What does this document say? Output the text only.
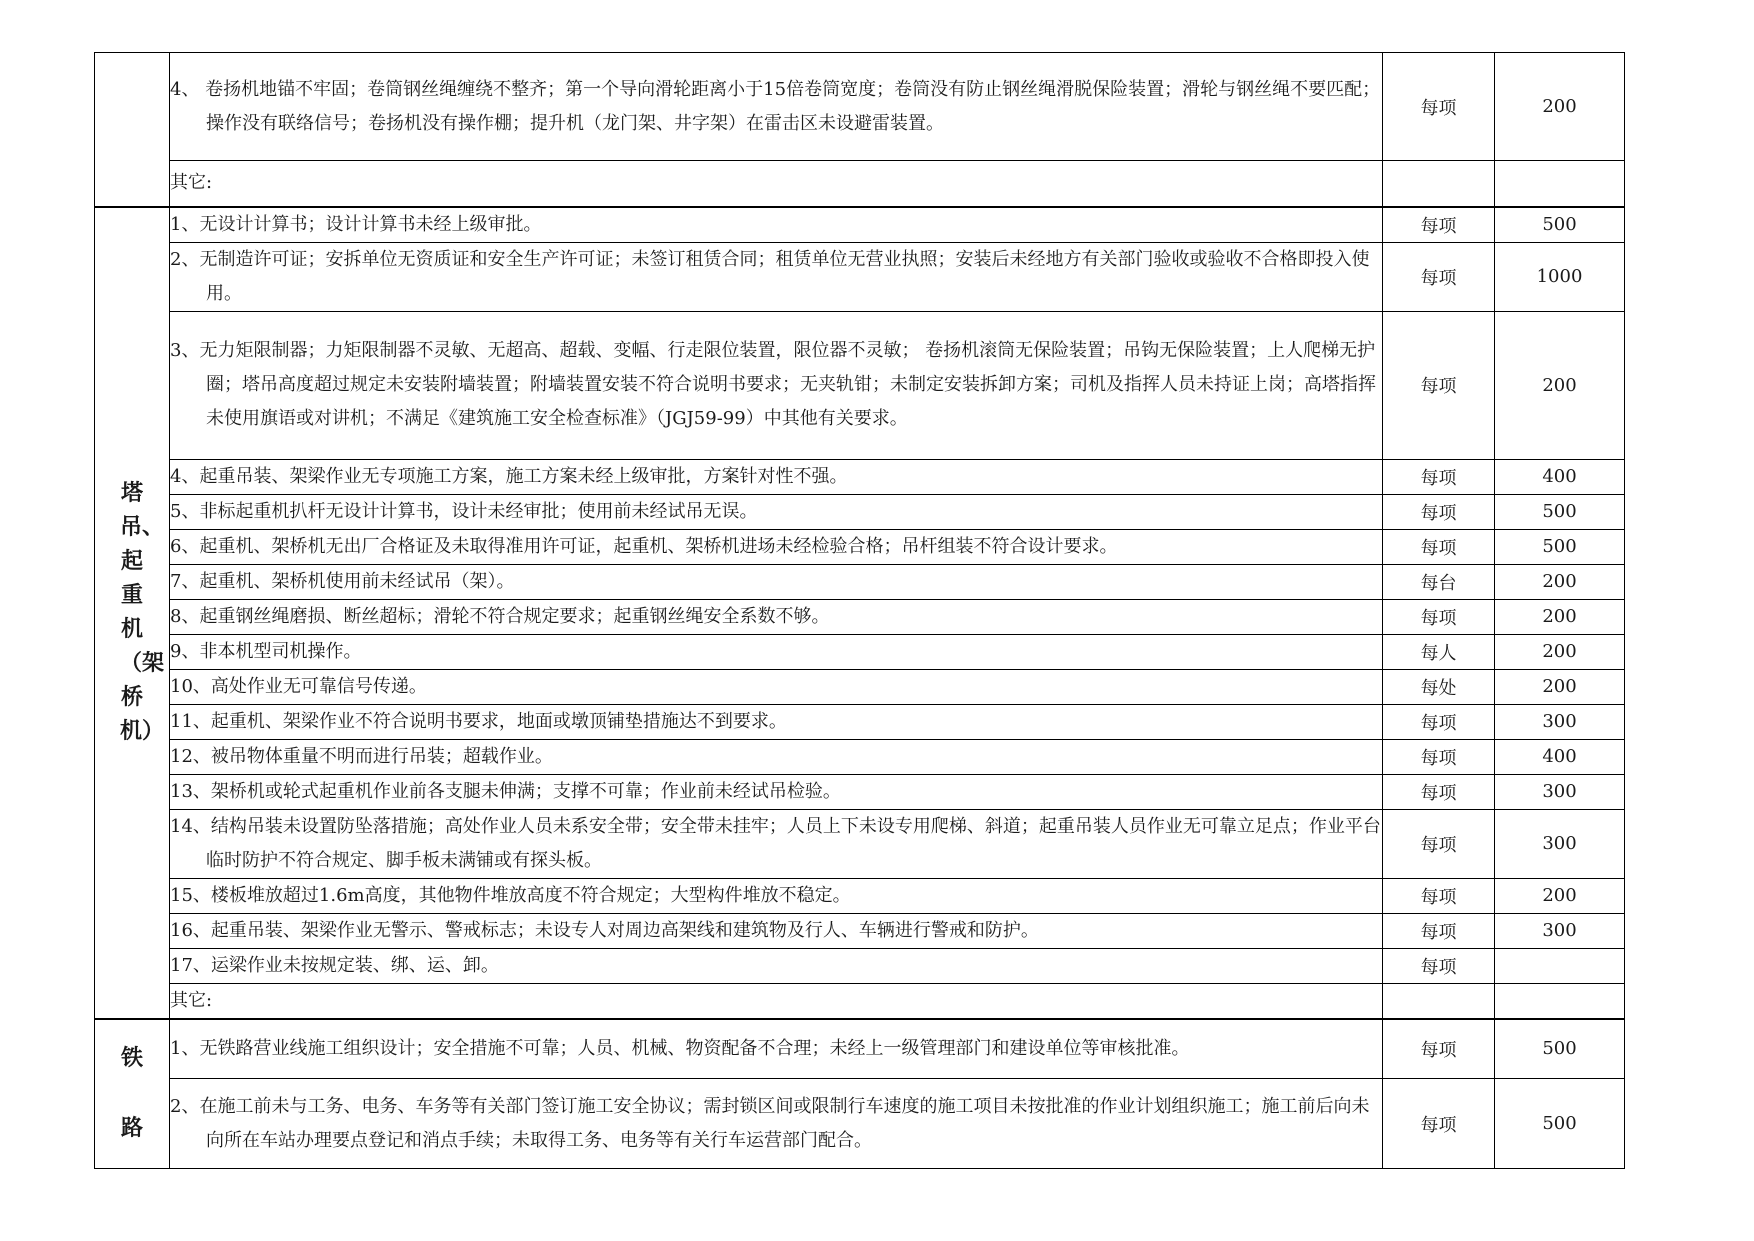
	4、 卷扬机地锚不牢固；卷筒钢丝绳缠绕不整齐；第一个导向滑轮距离小于15倍卷筒宽度；卷筒没有防止钢丝绳滑脱保险装置；滑轮与钢丝绳不要匹配；操作没有联络信号；卷扬机没有操作棚；提升机（龙门架、井字架）在雷击区未设避雷装置。	每项	200

	其它:		

塔吊、起重机（架桥机）	1、无设计计算书；设计计算书未经上级审批。	每项	500

	2、无制造许可证；安拆单位无资质证和安全生产许可证；未签订租赁合同；租赁单位无营业执照；安装后未经地方有关部门验收或验收不合格即投入使用。	每项	1000

	3、无力矩限制器；力矩限制器不灵敏、无超高、超载、变幅、行走限位装置，限位器不灵敏； 卷扬机滚筒无保险装置；吊钩无保险装置；上人爬梯无护圈；塔吊高度超过规定未安装附墙装置；附墙装置安装不符合说明书要求；无夹轨钳；未制定安装拆卸方案；司机及指挥人员未持证上岗；高塔指挥未使用旗语或对讲机；不满足《建筑施工安全检查标准》（JGJ59-99）中其他有关要求。	每项	200

	4、起重吊装、架梁作业无专项施工方案，施工方案未经上级审批，方案针对性不强。	每项	400

	5、非标起重机扒杆无设计计算书，设计未经审批；使用前未经试吊无误。	每项	500

	6、起重机、架桥机无出厂合格证及未取得准用许可证，起重机、架桥机进场未经检验合格；吊杆组装不符合设计要求。	每项	500

	7、起重机、架桥机使用前未经试吊（架）。	每台	200

	8、起重钢丝绳磨损、断丝超标；滑轮不符合规定要求；起重钢丝绳安全系数不够。	每项	200

	9、非本机型司机操作。	每人	200

	10、高处作业无可靠信号传递。	每处	200

	11、起重机、架梁作业不符合说明书要求，地面或墩顶铺垫措施达不到要求。	每项	300

	12、被吊物体重量不明而进行吊装；超载作业。	每项	400

	13、架桥机或轮式起重机作业前各支腿未伸满；支撑不可靠；作业前未经试吊检验。	每项	300

	14、结构吊装未设置防坠落措施；高处作业人员未系安全带；安全带未挂牢；人员上下未设专用爬梯、斜道；起重吊装人员作业无可靠立足点；作业平台临时防护不符合规定、脚手板未满铺或有探头板。	每项	300

	15、楼板堆放超过1.6m高度，其他物件堆放高度不符合规定；大型构件堆放不稳定。	每项	200

	16、起重吊装、架梁作业无警示、警戒标志；未设专人对周边高架线和建筑物及行人、车辆进行警戒和防护。	每项	300

	17、运梁作业未按规定装、绑、运、卸。	每项	

	其它:		

铁路	1、无铁路营业线施工组织设计；安全措施不可靠；人员、机械、物资配备不合理；未经上一级管理部门和建设单位等审核批准。	每项	500

	2、在施工前未与工务、电务、车务等有关部门签订施工安全协议；需封锁区间或限制行车速度的施工项目未按批准的作业计划组织施工；施工前后向未向所在车站办理要点登记和消点手续；未取得工务、电务等有关行车运营部门配合。	每项	500
